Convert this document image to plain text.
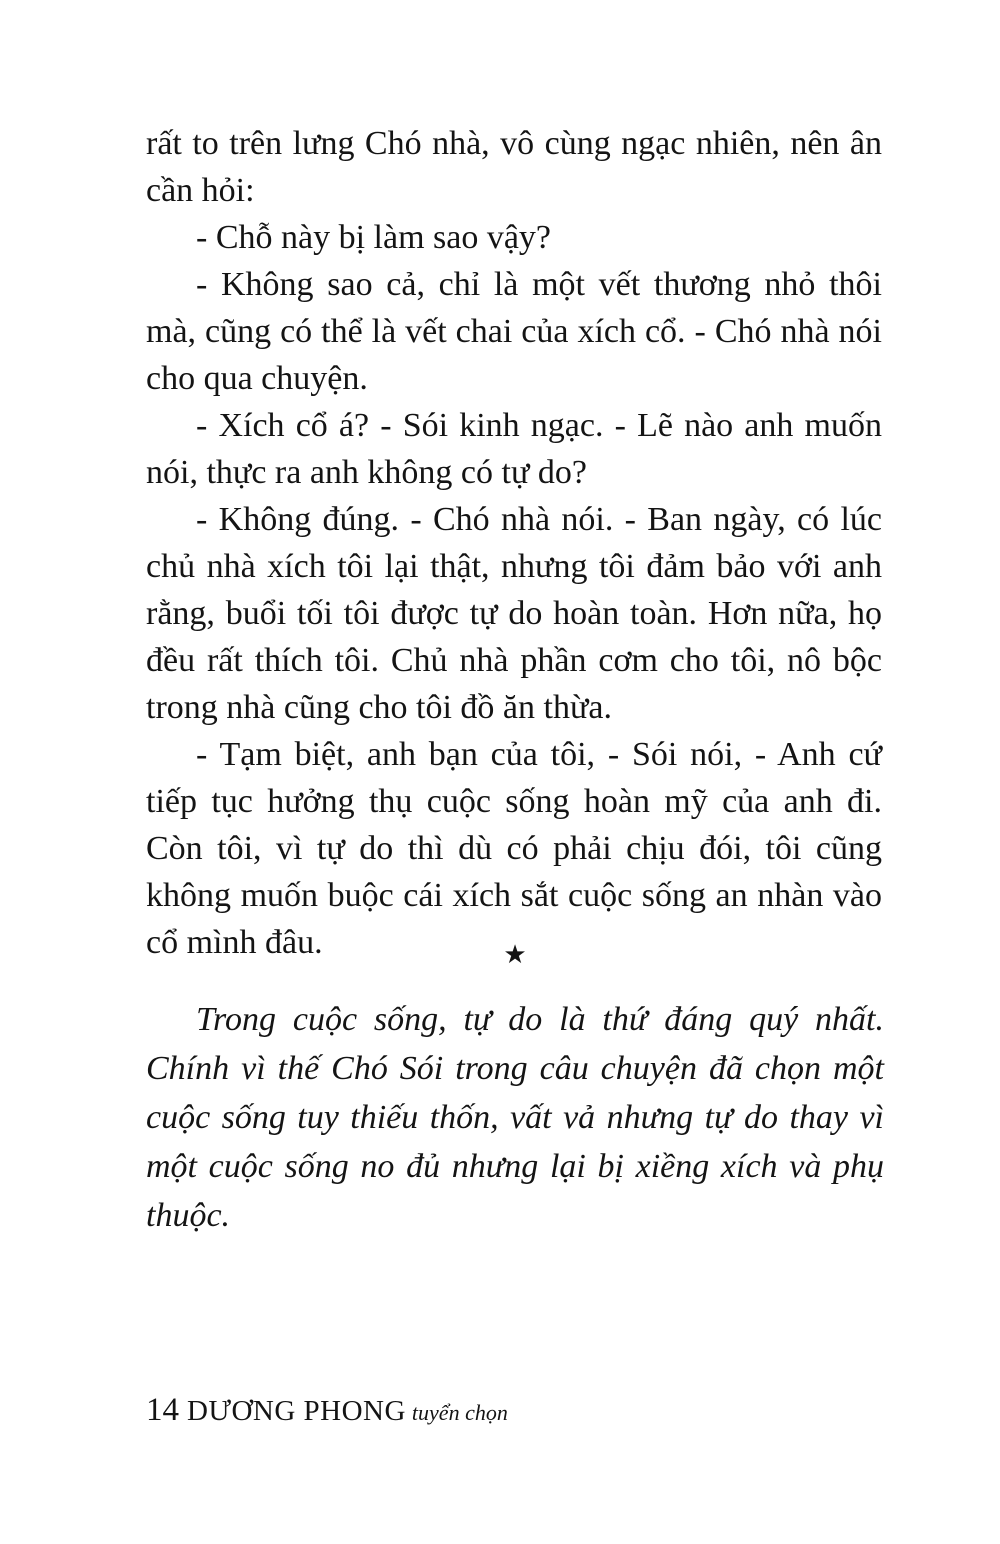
rất to trên lưng Chó nhà, vô cùng ngạc nhiên, nên ân
cần hỏi:
- Chỗ này bị làm sao vậy?
- Không sao cả, chỉ là một vết thương nhỏ thôi
mà, cũng có thể là vết chai của xích cổ. - Chó nhà nói
cho qua chuyện.
- Xích cổ á? - Sói kinh ngạc. - Lẽ nào anh muốn
nói, thực ra anh không có tự do?
- Không đúng. - Chó nhà nói. - Ban ngày, có lúc
chủ nhà xích tôi lại thật, nhưng tôi đảm bảo với anh
rằng, buổi tối tôi được tự do hoàn toàn. Hơn nữa, họ
đều rất thích tôi. Chủ nhà phần cơm cho tôi, nô bộc
trong nhà cũng cho tôi đồ ăn thừa.
- Tạm biệt, anh bạn của tôi, - Sói nói, - Anh cứ
tiếp tục hưởng thụ cuộc sống hoàn mỹ của anh đi.
Còn tôi, vì tự do thì dù có phải chịu đói, tôi cũng
không muốn buộc cái xích sắt cuộc sống an nhàn vào
cổ mình đâu.	★
Trong cuộc sống, tự do là thứ đáng quý nhất.
Chính vì thế Chó Sói trong câu chuyện đã chọn một
cuộc sống tuy thiếu thốn, vất vả nhưng tự do thay vì
một cuộc sống no đủ nhưng lại bị xiềng xích và phụ
thuộc.
14 DƯƠNG PHONG tuyển chọn
